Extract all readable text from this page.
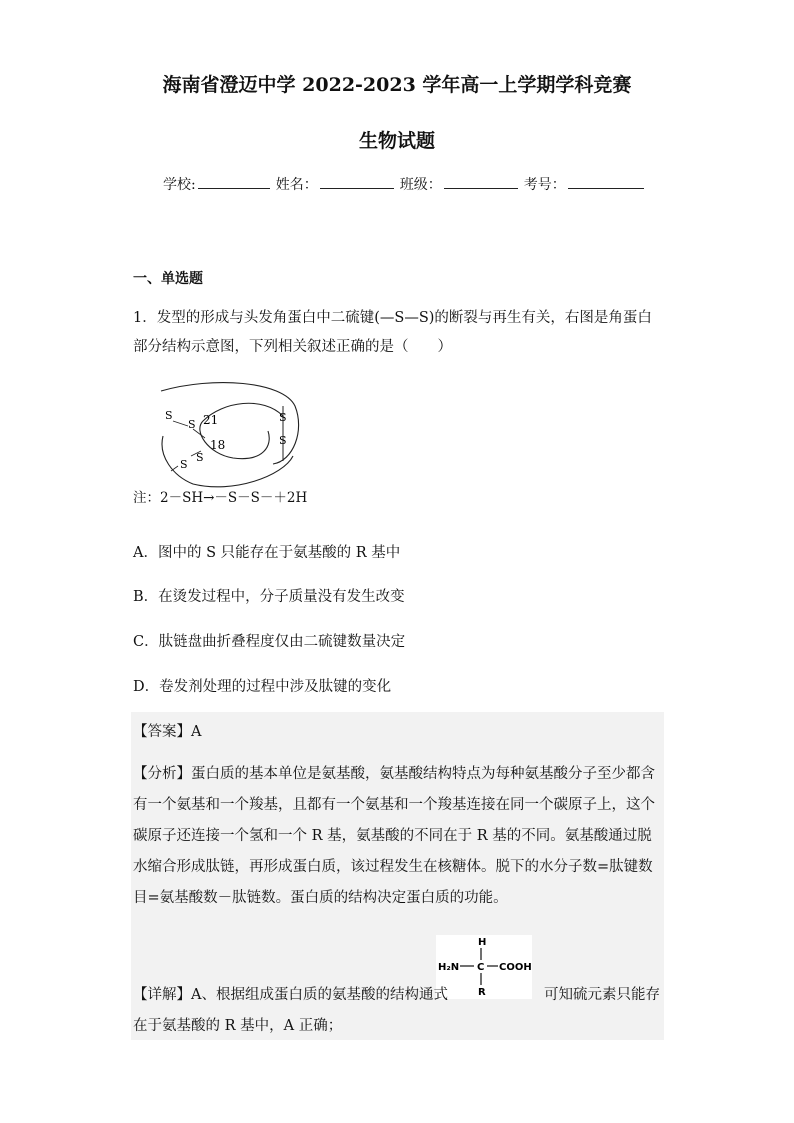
海南省澄迈中学 2022-2023 学年高一上学期学科竞赛
生物试题
学校:	姓名：	班级：	考号：
一、单选题
1．发型的形成与头发角蛋白中二硫键(—S—S)的断裂与再生有关，右图是角蛋白部分结构示意图，下列相关叙述正确的是（　　）
S
S 21
18
S
S
S
S
注：2－SH→－S－S－＋2H
A．图中的 S 只能存在于氨基酸的 R 基中
B．在烫发过程中，分子质量没有发生改变
C．肽链盘曲折叠程度仅由二硫键数量决定
D．卷发剂处理的过程中涉及肽键的变化
【答案】A
【分析】蛋白质的基本单位是氨基酸，氨基酸结构特点为每种氨基酸分子至少都含有一个氨基和一个羧基，且都有一个氨基和一个羧基连接在同一个碳原子上，这个碳原子还连接一个氢和一个 R 基，氨基酸的不同在于 R 基的不同。氨基酸通过脱水缩合形成肽链，再形成蛋白质，该过程发生在核糖体。脱下的水分子数=肽键数目=氨基酸数－肽链数。蛋白质的结构决定蛋白质的功能。
H
H₂N C COOH
R
【详解】A、根据组成蛋白质的氨基酸的结构通式	可知硫元素只能存在于氨基酸的 R 基中，A 正确；
